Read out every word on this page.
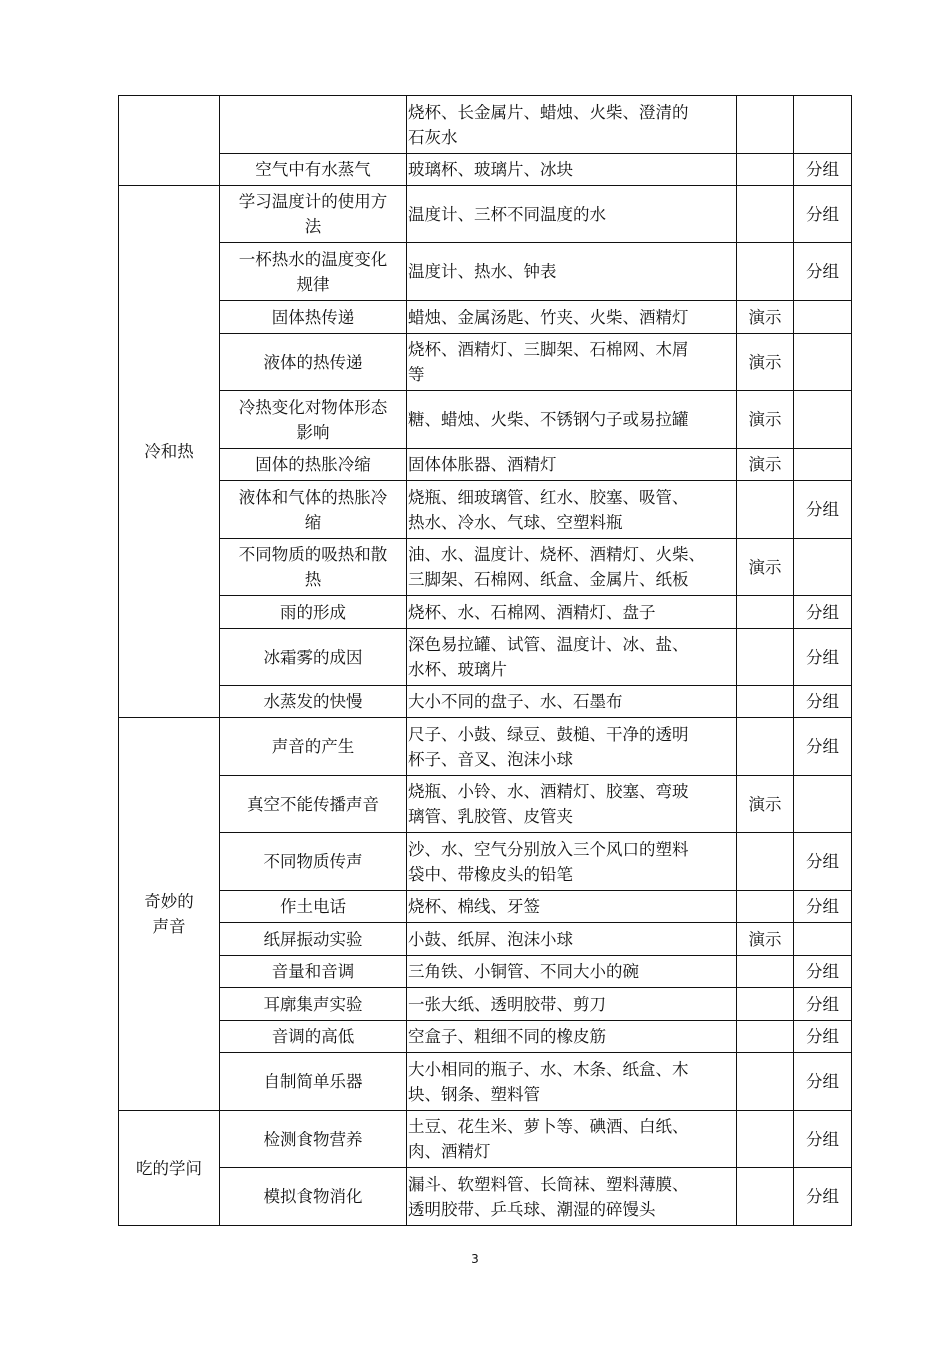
		烧杯、长金属片、蜡烛、火柴、澄清的
石灰水		
	空气中有水蒸气	玻璃杯、玻璃片、冰块		分组
冷和热	学习温度计的使用方
法	温度计、三杯不同温度的水		分组
	一杯热水的温度变化
规律	温度计、热水、钟表		分组
	固体热传递	蜡烛、金属汤匙、竹夹、火柴、酒精灯	演示	
	液体的热传递	烧杯、酒精灯、三脚架、石棉网、木屑
等	演示	
	冷热变化对物体形态
影响	糖、蜡烛、火柴、不锈钢勺子或易拉罐	演示	
	固体的热胀冷缩	固体体胀器、酒精灯	演示	
	液体和气体的热胀冷
缩	烧瓶、细玻璃管、红水、胶塞、吸管、
热水、冷水、气球、空塑料瓶		分组
	不同物质的吸热和散
热	油、水、温度计、烧杯、酒精灯、火柴、
三脚架、石棉网、纸盒、金属片、纸板	演示	
	雨的形成	烧杯、水、石棉网、酒精灯、盘子		分组
	冰霜雾的成因	深色易拉罐、试管、温度计、冰、盐、
水杯、玻璃片		分组
	水蒸发的快慢	大小不同的盘子、水、石墨布		分组
奇妙的
声音	声音的产生	尺子、小鼓、绿豆、鼓槌、干净的透明
杯子、音叉、泡沫小球		分组
	真空不能传播声音	烧瓶、小铃、水、酒精灯、胶塞、弯玻
璃管、乳胶管、皮管夹	演示	
	不同物质传声	沙、水、空气分别放入三个风口的塑料
袋中、带橡皮头的铅笔		分组
	作土电话	烧杯、棉线、牙签		分组
	纸屏振动实验	小鼓、纸屏、泡沫小球	演示	
	音量和音调	三角铁、小铜管、不同大小的碗		分组
	耳廓集声实验	一张大纸、透明胶带、剪刀		分组
	音调的高低	空盒子、粗细不同的橡皮筋		分组
	自制简单乐器	大小相同的瓶子、水、木条、纸盒、木
块、钢条、塑料管		分组
吃的学问	检测食物营养	土豆、花生米、萝卜等、碘酒、白纸、
肉、酒精灯		分组
	模拟食物消化	漏斗、软塑料管、长筒袜、塑料薄膜、
透明胶带、乒乓球、潮湿的碎馒头		分组
3
